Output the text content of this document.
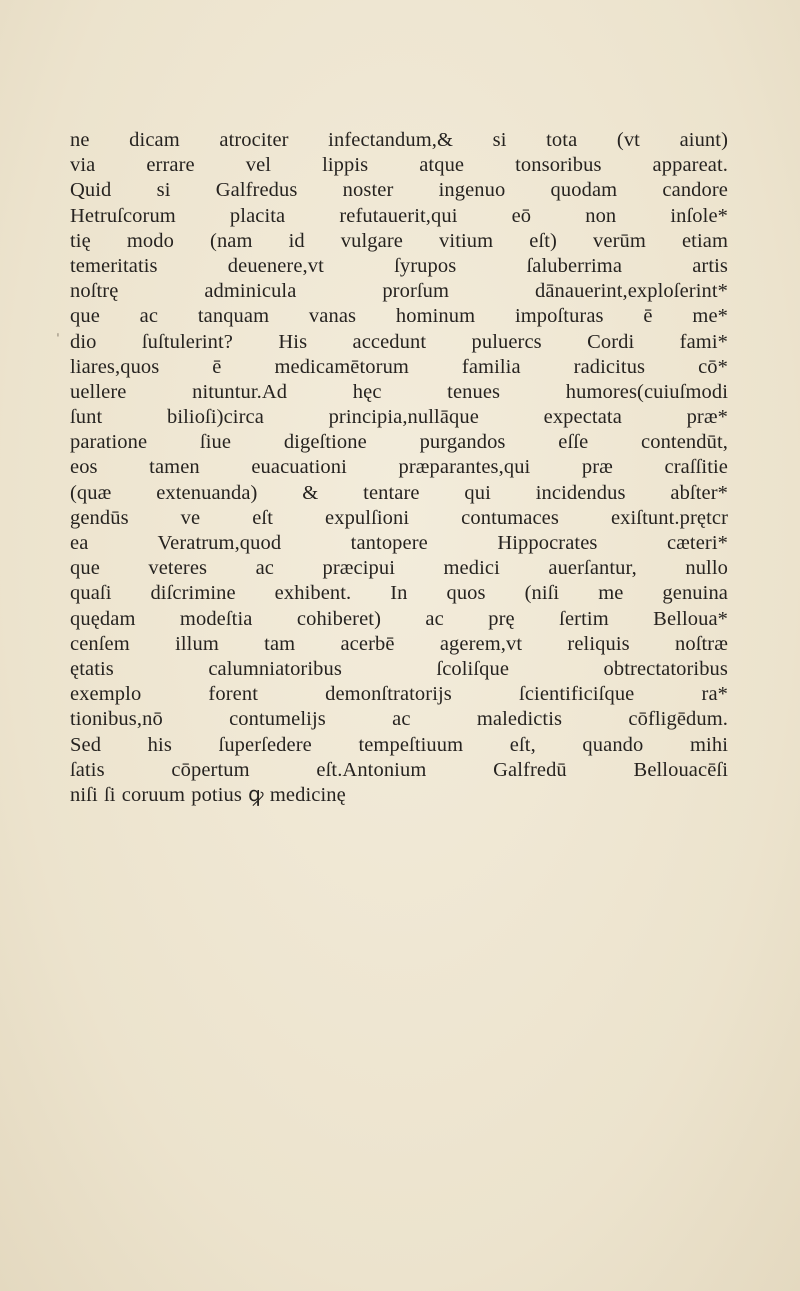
ˌ
ne dicam atrociter infectandum,& si tota (vt aiunt)
via errare vel lippis atque tonsoribus appareat.
Quid si Galfredus noster ingenuo quodam candore
Hetruſcorum placita refutauerit,qui eō non inſole*
tię modo (nam id vulgare vitium eſt) verūm etiam
temeritatis deuenere,vt ſyrupos ſaluberrima artis
noſtrę adminicula prorſum dānauerint,exploſerint*
que ac tanquam vanas hominum impoſturas ē me*
dio ſuſtulerint? His accedunt puluercs Cordi fami*
liares,quos ē medicamētorum familia radicitus cō*
uellere nituntur.Ad hęc tenues humores(cuiuſmodi
ſunt bilioſi)circa principia,nullāque expectata præ*
paratione ſiue digeſtione purgandos eſſe contendūt,
eos tamen euacuationi præparantes,qui præ craſſitie
(quæ extenuanda) & tentare qui incidendus abſter*
gendūs ve eſt expulſioni contumaces exiſtunt.prętcr
ea Veratrum,quod tantopere Hippocrates cæteri*
que veteres ac præcipui medici auerſantur, nullo
quaſi diſcrimine exhibent. In quos (niſi me genuina
quędam modeſtia cohiberet) ac prę ſertim Belloua*
cenſem illum tam acerbē agerem,vt reliquis noſtræ
ętatis calumniatoribus ſcoliſque obtrectatoribus
exemplo forent demonſtratorijs ſcientificiſque ra*
tionibus,nō contumelijs ac maledictis cōfligēdum.
Sed his ſuperſedere tempeſtiuum eſt, quando mihi
ſatis cōpertum eſt.Antonium Galfredū Bellouacēſi
niſi ſi coruum potius ꝙ medicinę
